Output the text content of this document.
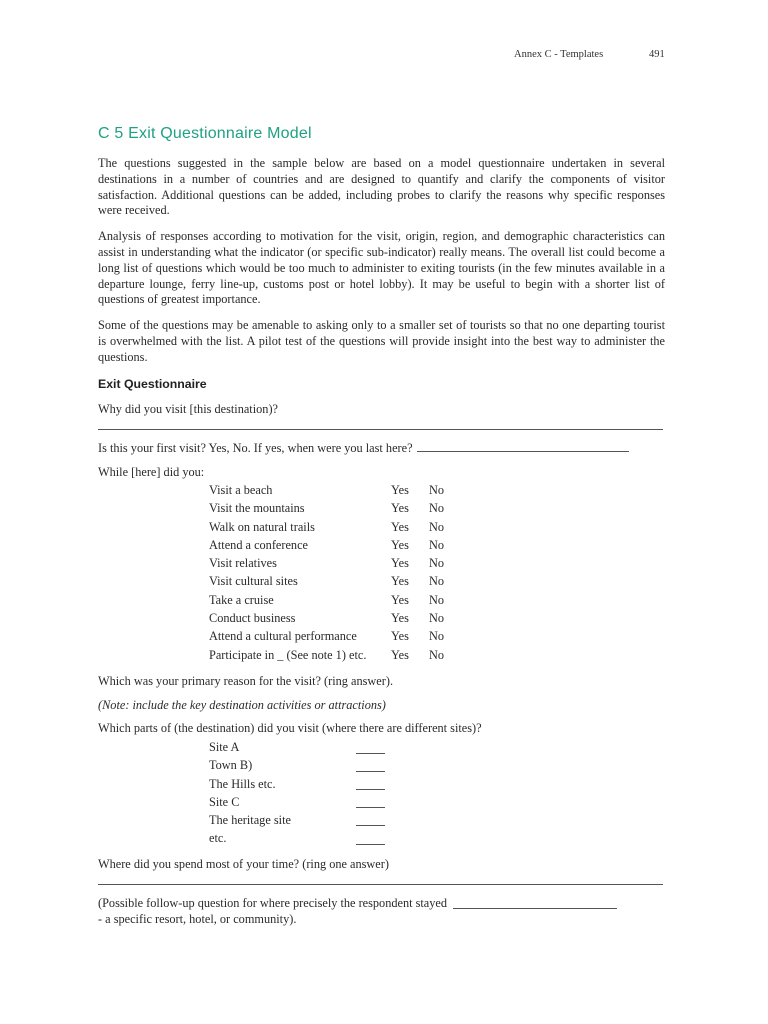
Annex C - Templates	491
C 5 Exit Questionnaire Model

The questions suggested in the sample below are based on a model questionnaire undertaken in several destinations in a number of countries and are designed to quantify and clarify the components of visitor satisfaction. Additional questions can be added, including probes to clarify the reasons why specific responses were received.

Analysis of responses according to motivation for the visit, origin, region, and demographic characteristics can assist in understanding what the indicator (or specific sub-indicator) really means. The overall list could become a long list of questions which would be too much to administer to exiting tourists (in the few minutes available in a departure lounge, ferry line-up, customs post or hotel lobby). It may be useful to begin with a shorter list of questions of greatest importance.

Some of the questions may be amenable to asking only to a smaller set of tourists so that no one departing tourist is overwhelmed with the list. A pilot test of the questions will provide insight into the best way to administer the questions.

Exit Questionnaire

Why did you visit [this destination)?

Is this your first visit? Yes, No. If yes, when were you last here?

While [here] did you:

Visit a beach	Yes	No
Visit the mountains	Yes	No
Walk on natural trails	Yes	No
Attend a conference	Yes	No
Visit relatives	Yes	No
Visit cultural sites	Yes	No
Take a cruise	Yes	No
Conduct business	Yes	No
Attend a cultural performance	Yes	No
Participate in _ (See note 1) etc.	Yes	No

Which was your primary reason for the visit? (ring answer).

(Note: include the key destination activities or attractions)

Which parts of (the destination) did you visit (where there are different sites)?

Site A
Town B)
The Hills etc.
Site C
The heritage site
etc.

Where did you spend most of your time? (ring one answer)

(Possible follow-up question for where precisely the respondent stayed

- a specific resort, hotel, or community).
